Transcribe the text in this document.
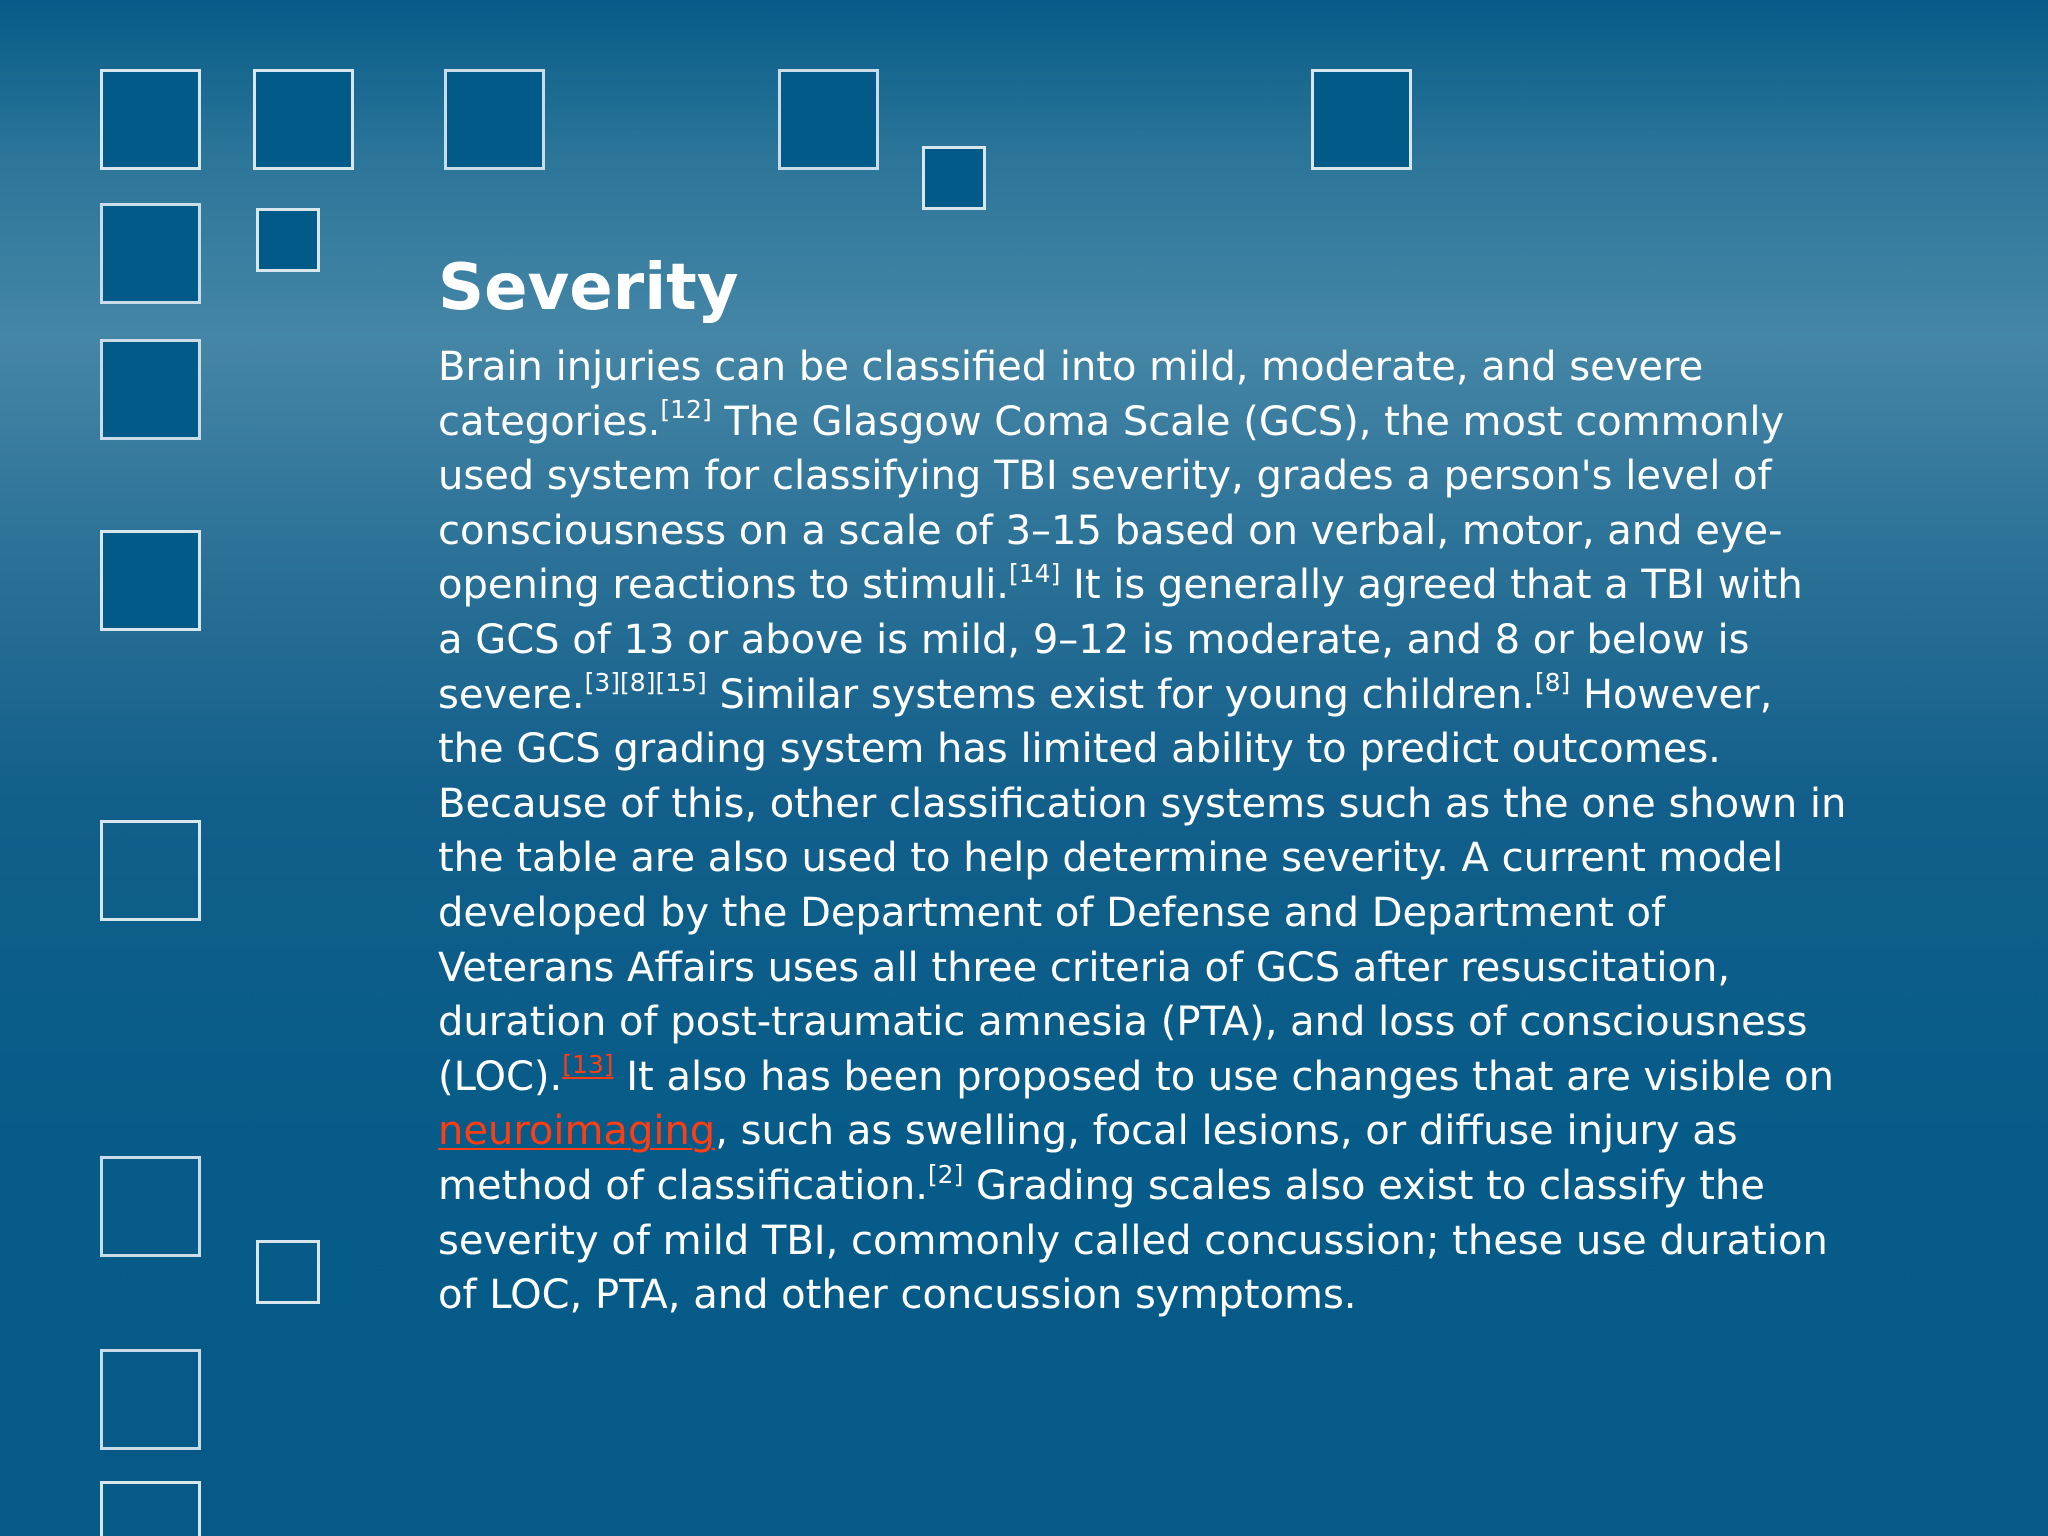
Severity
Brain injuries can be classified into mild, moderate, and severe
categories.[12] The Glasgow Coma Scale (GCS), the most commonly
used system for classifying TBI severity, grades a person's level of
consciousness on a scale of 3–15 based on verbal, motor, and eye-
opening reactions to stimuli.[14] It is generally agreed that a TBI with
a GCS of 13 or above is mild, 9–12 is moderate, and 8 or below is
severe.[3][8][15] Similar systems exist for young children.[8] However,
the GCS grading system has limited ability to predict outcomes.
Because of this, other classification systems such as the one shown in
the table are also used to help determine severity. A current model
developed by the Department of Defense and Department of
Veterans Affairs uses all three criteria of GCS after resuscitation,
duration of post-traumatic amnesia (PTA), and loss of consciousness
(LOC).[13] It also has been proposed to use changes that are visible on
neuroimaging, such as swelling, focal lesions, or diffuse injury as
method of classification.[2] Grading scales also exist to classify the
severity of mild TBI, commonly called concussion; these use duration
of LOC, PTA, and other concussion symptoms.
